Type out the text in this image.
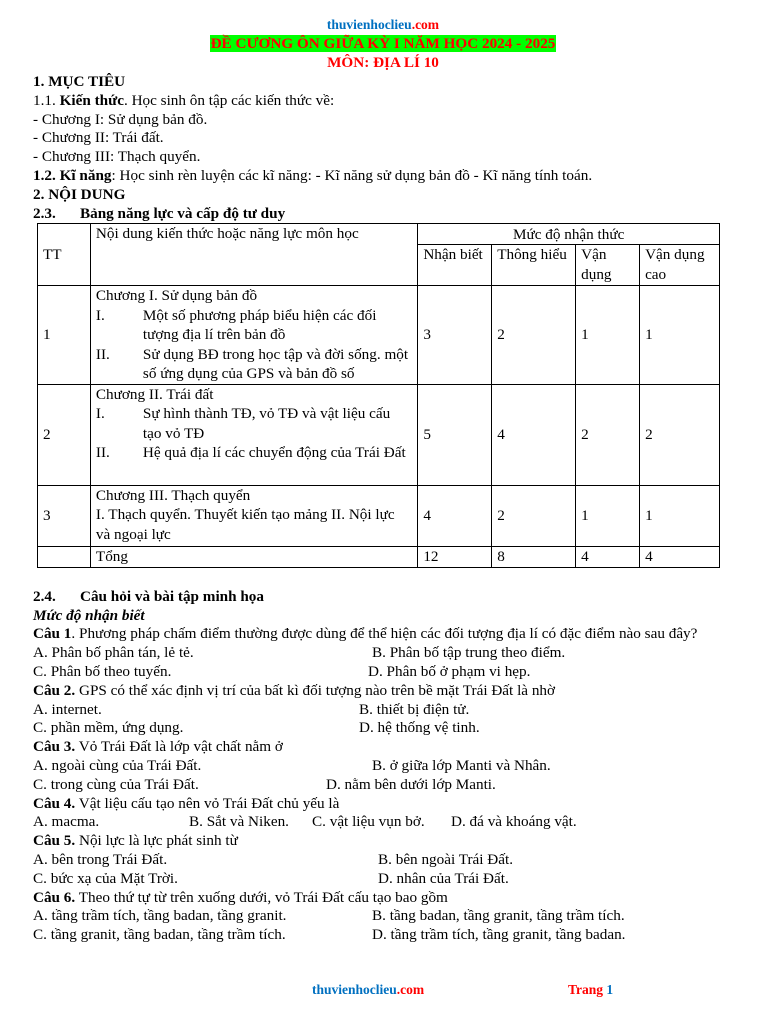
thuvienhoclieu.com
ĐỀ CƯƠNG ÔN GIỮA KỲ I NĂM HỌC 2024 - 2025
MÔN: ĐỊA LÍ 10

1. MỤC TIÊU

1.1. Kiến thức. Học sinh ôn tập các kiến thức về:

- Chương I: Sử dụng bản đồ.

- Chương II: Trái đất.

- Chương III: Thạch quyển.

1.2. Kĩ năng: Học sinh rèn luyện các kĩ năng: - Kĩ năng sử dụng bản đồ - Kĩ năng tính toán.

2. NỘI DUNG

2.3.	Bảng năng lực và cấp độ tư duy
TT	Nội dung kiến thức hoặc năng lực môn học	Mức độ nhận thức			
		Nhận biết	Thông hiểu	Vận dụng	Vận dụng cao
1	Chương I. Sử dụng bản đồ
I. Một số phương pháp biểu hiện các đối tượng địa lí trên bản đồ
II. Sử dụng BĐ trong học tập và đời sống. một số ứng dụng của GPS và bản đồ số	3	2	1	1
2	Chương II. Trái đất
I. Sự hình thành TĐ, vỏ TĐ và vật liệu cấu tạo vỏ TĐ
II. Hệ quả địa lí các chuyển động của Trái Đất	5	4	2	2
3	Chương III. Thạch quyển
I. Thạch quyển. Thuyết kiến tạo mảng II. Nội lực và ngoại lực	4	2	1	1
	Tổng	12	8	4	4
2.4.	Câu hỏi và bài tập minh họa

Mức độ nhận biết

Câu 1. Phương pháp chấm điểm thường được dùng để thể hiện các đối tượng địa lí có đặc điểm nào sau đây?

A. Phân bố phân tán, lẻ tẻ.	B. Phân bố tập trung theo điểm.
C. Phân bố theo tuyến.	D. Phân bố ở phạm vi hẹp.

Câu 2. GPS có thể xác định vị trí của bất kì đối tượng nào trên bề mặt Trái Đất là nhờ

A. internet.	B. thiết bị điện tử.
C. phần mềm, ứng dụng.	D. hệ thống vệ tinh.

Câu 3. Vỏ Trái Đất là lớp vật chất nằm ở

A. ngoài cùng của Trái Đất.	B. ở giữa lớp Manti và Nhân.
C. trong cùng của Trái Đất.	D. nằm bên dưới lớp Manti.

Câu 4. Vật liệu cấu tạo nên vỏ Trái Đất chủ yếu là

A. macma.	B. Sắt và Niken.	C. vật liệu vụn bở.	D. đá và khoáng vật.

Câu 5. Nội lực là lực phát sinh từ

A. bên trong Trái Đất.	B. bên ngoài Trái Đất.
C. bức xạ của Mặt Trời.	D. nhân của Trái Đất.

Câu 6. Theo thứ tự từ trên xuống dưới, vỏ Trái Đất cấu tạo bao gồm

A. tầng trầm tích, tầng badan, tầng granit.	B. tầng badan, tầng granit, tầng trầm tích.
C. tầng granit, tầng badan, tầng trầm tích.	D. tầng trầm tích, tầng granit, tầng badan.
thuvienhoclieu.com	Trang 1
